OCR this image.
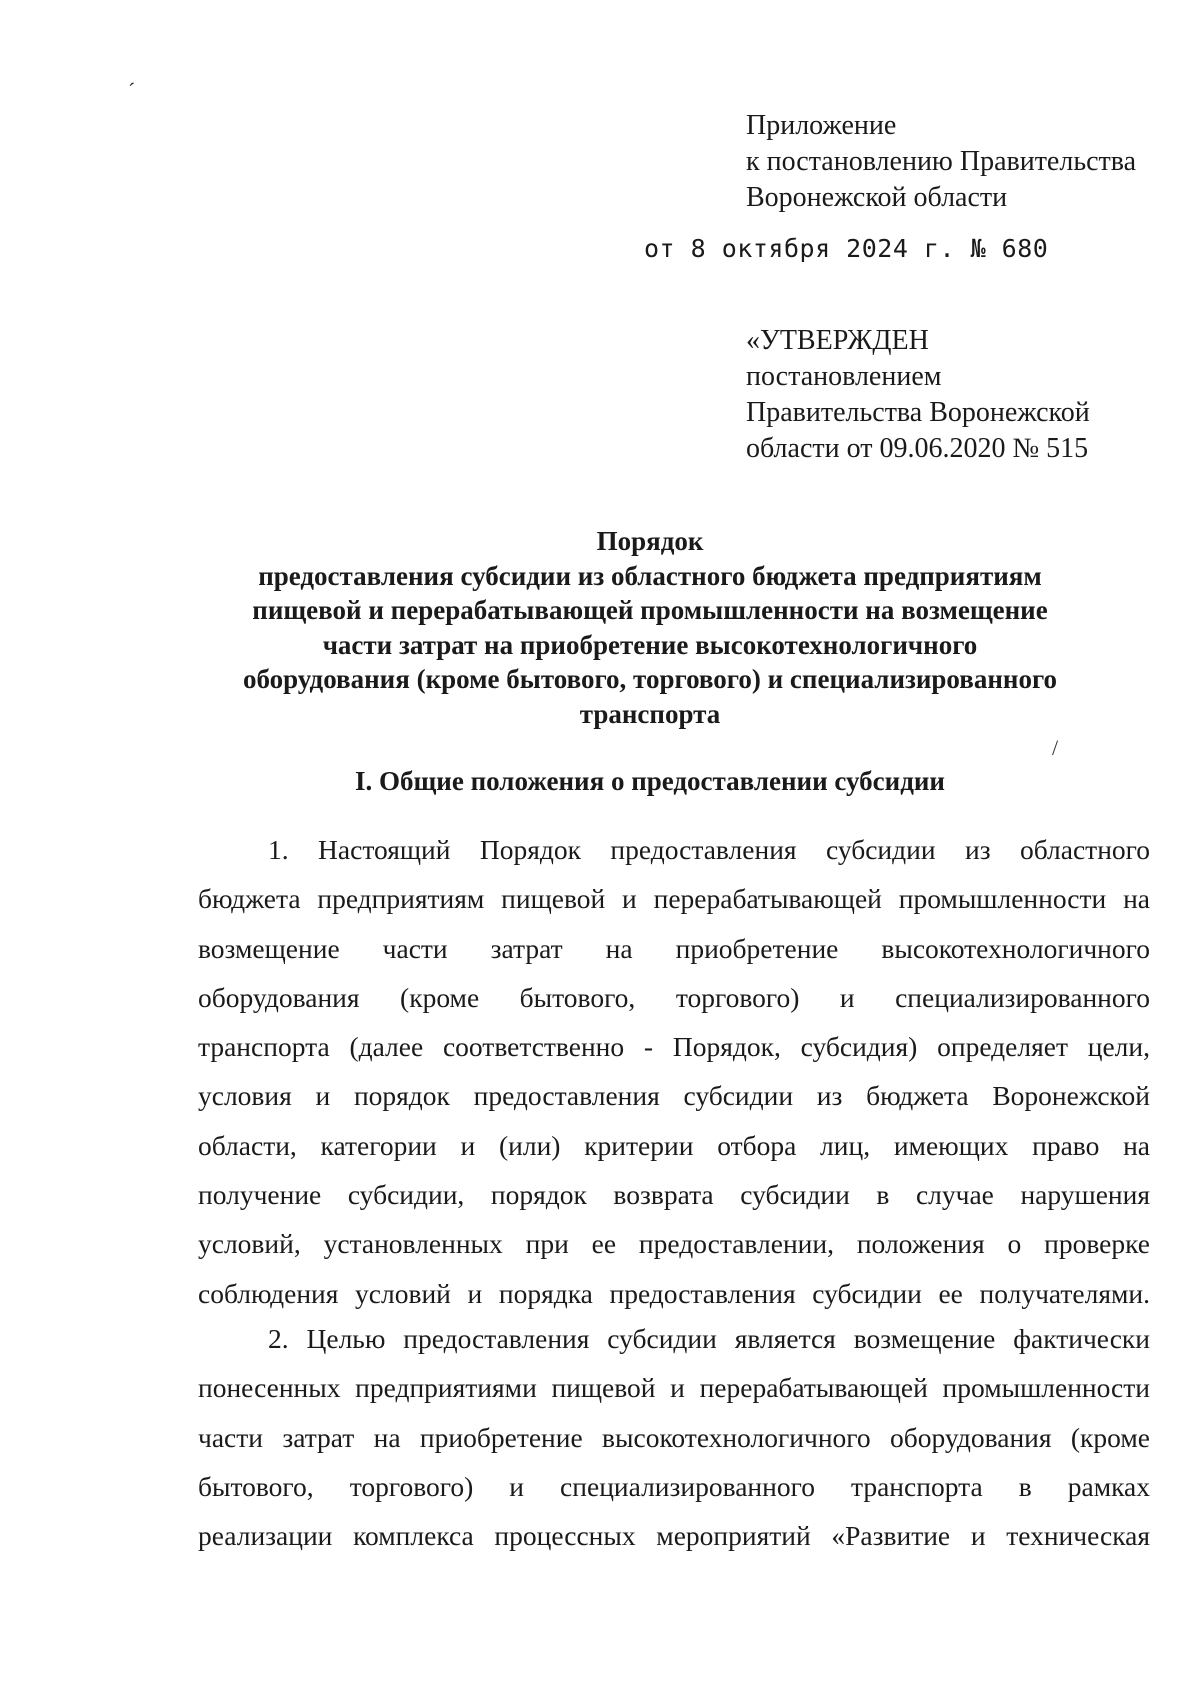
ˊ
Приложение
к постановлению Правительства
Воронежской области
от 8 октября 2024 г. № 680
«УТВЕРЖДЕН
постановлением
Правительства Воронежской
области от 09.06.2020 № 515
Порядок
предоставления субсидии из областного бюджета предприятиям
пищевой и перерабатывающей промышленности на возмещение
части затрат на приобретение высокотехнологичного
оборудования (кроме бытового, торгового) и специализированного
транспорта
/
I. Общие положения о предоставлении субсидии
1. Настоящий Порядок предоставления субсидии из областного
бюджета предприятиям пищевой и перерабатывающей промышленности на
возмещение части затрат на приобретение высокотехнологичного
оборудования (кроме бытового, торгового) и специализированного
транспорта (далее соответственно - Порядок, субсидия) определяет цели,
условия и порядок предоставления субсидии из бюджета Воронежской
области, категории и (или) критерии отбора лиц, имеющих право на
получение субсидии, порядок возврата субсидии в случае нарушения
условий, установленных при ее предоставлении, положения о проверке
соблюдения условий и порядка предоставления субсидии ее получателями.
2. Целью предоставления субсидии является возмещение фактически
понесенных предприятиями пищевой и перерабатывающей промышленности
части затрат на приобретение высокотехнологичного оборудования (кроме
бытового, торгового) и специализированного транспорта в рамках
реализации комплекса процессных мероприятий «Развитие и техническая
